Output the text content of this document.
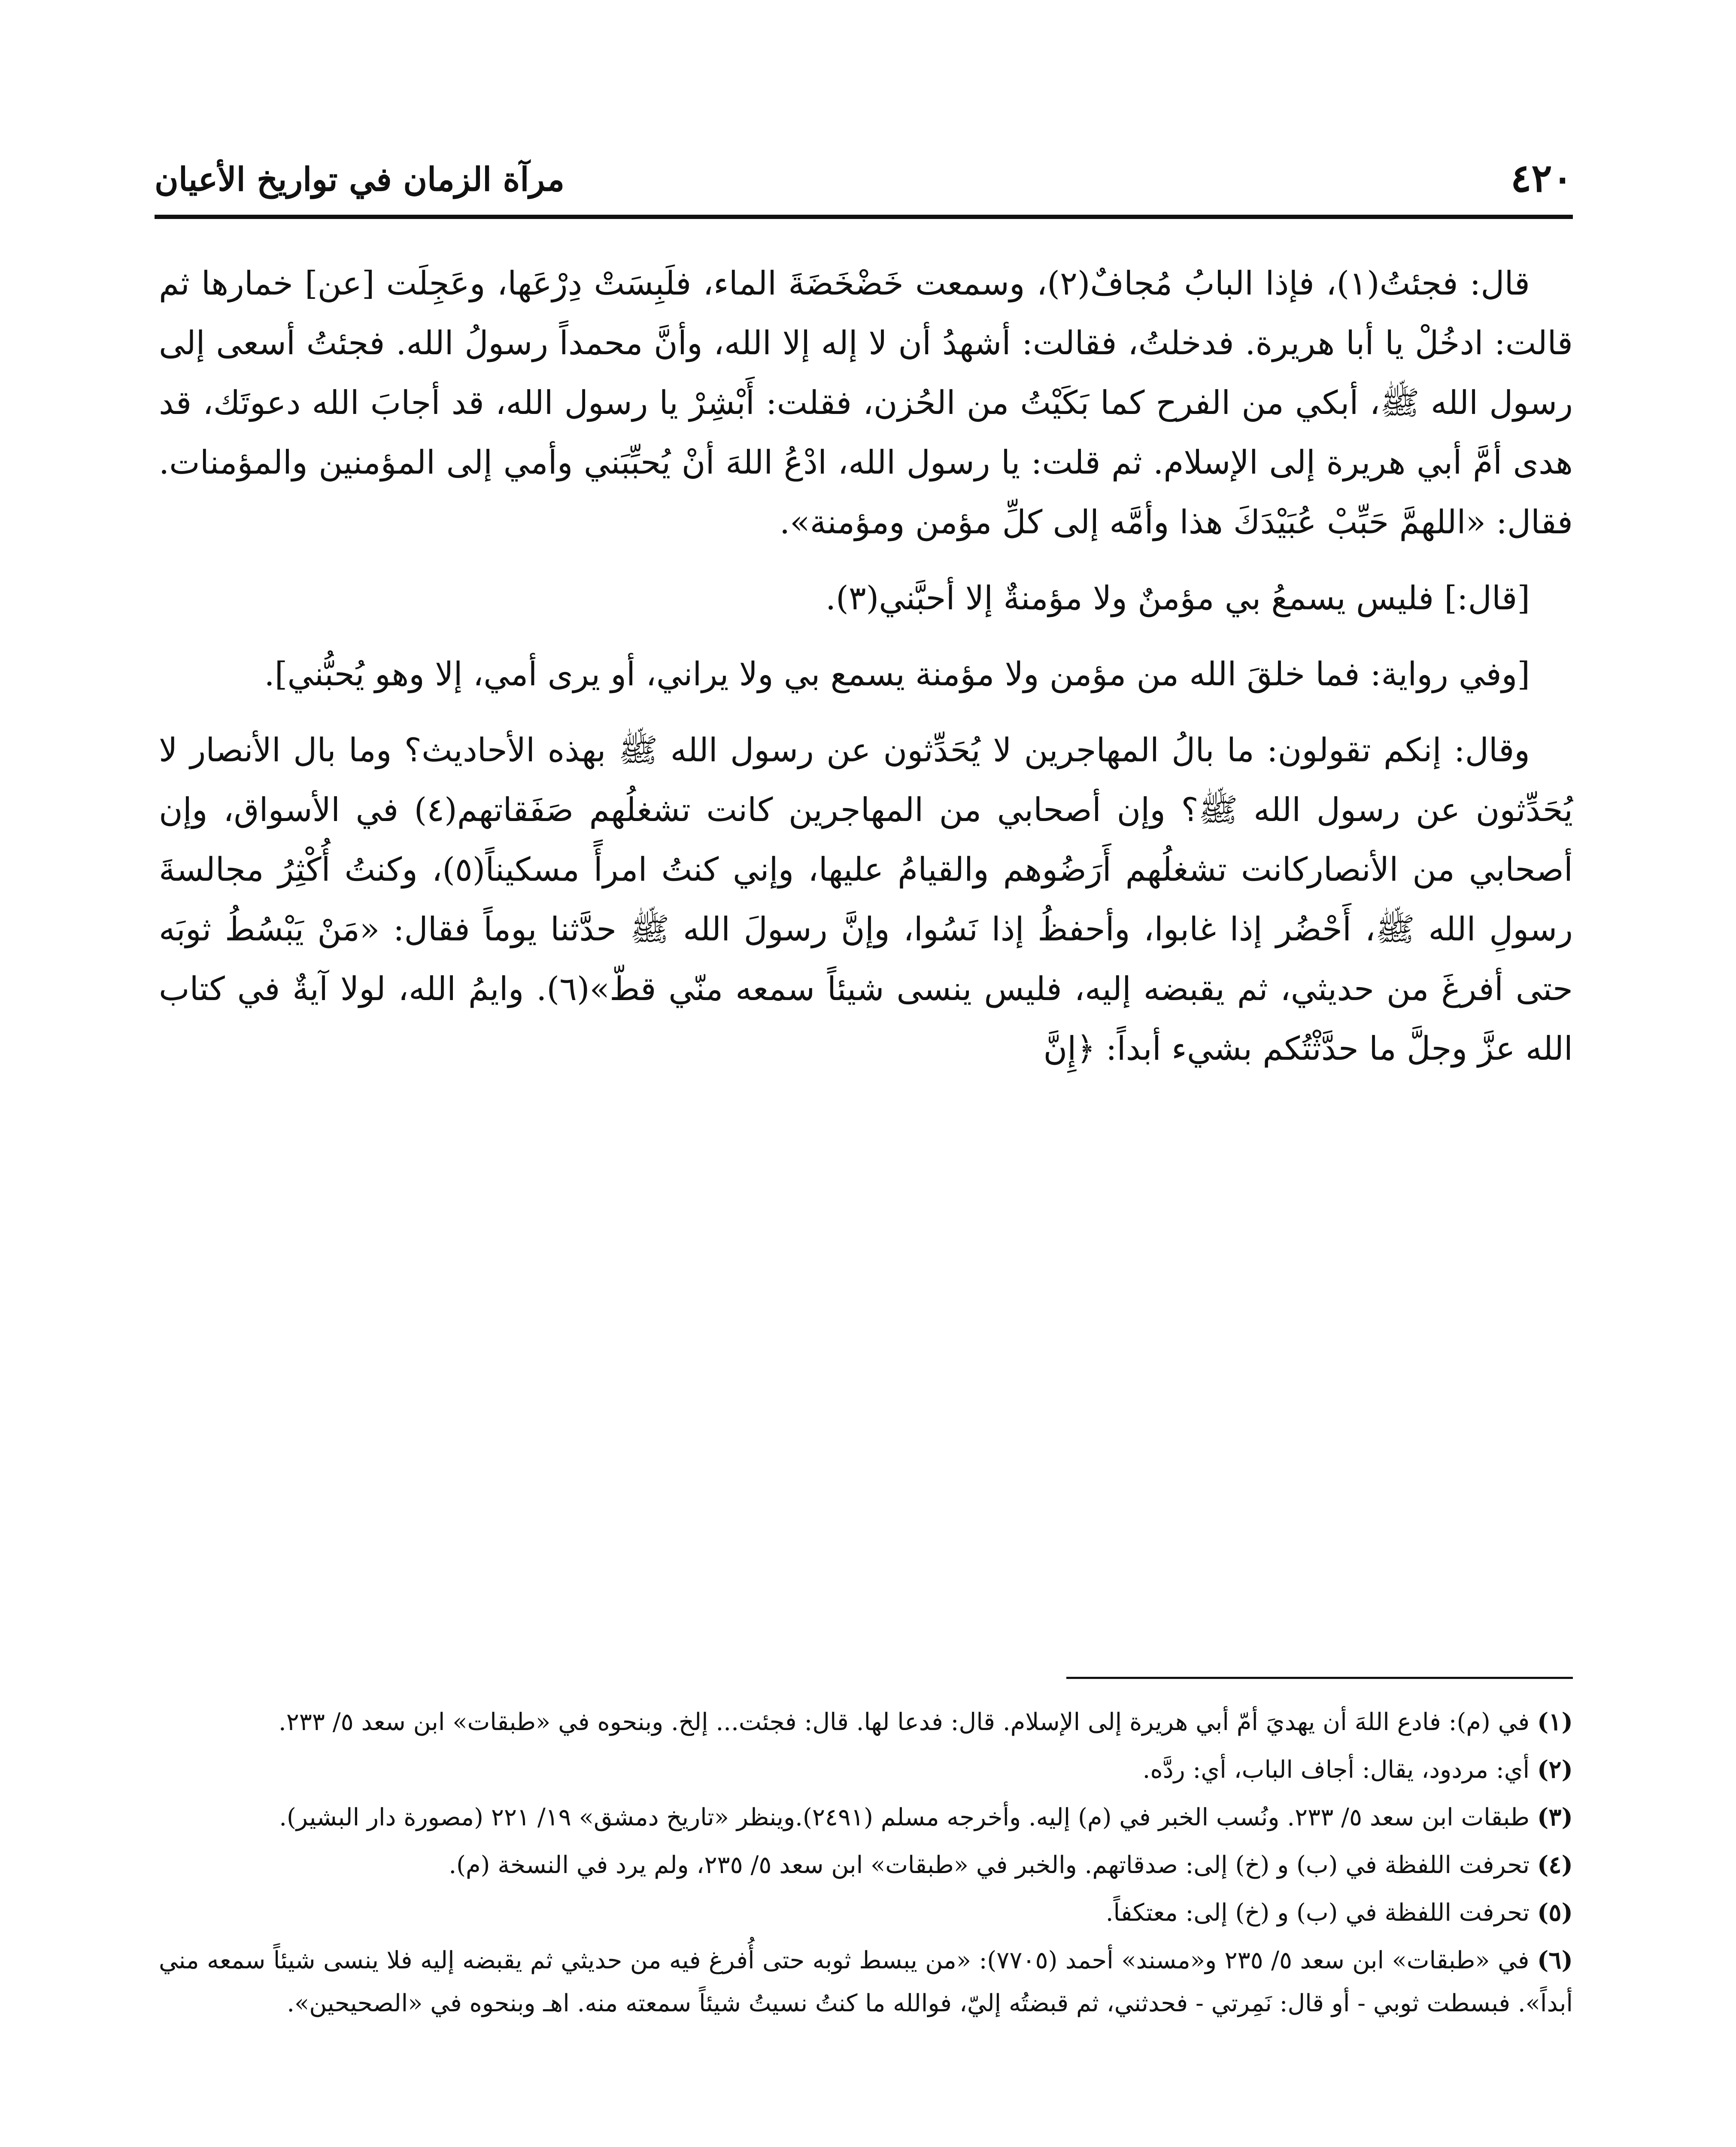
٤٢٠
مرآة الزمان في تواريخ الأعيان

قال: فجئتُ(١)، فإذا البابُ مُجافٌ(٢)، وسمعت خَضْخَضَةَ الماء، فلَبِسَتْ دِرْعَها، وعَجِلَت [عن] خمارها ثم قالت: ادخُلْ يا أبا هريرة. فدخلتُ، فقالت: أشهدُ أن لا إله إلا الله، وأنَّ محمداً رسولُ الله. فجئتُ أسعى إلى رسول الله ﷺ، أبكي من الفرح كما بَكَيْتُ من الحُزن، فقلت: أَبْشِرْ يا رسول الله، قد أجابَ الله دعوتَك، قد هدى أمَّ أبي هريرة إلى الإسلام. ثم قلت: يا رسول الله، ادْعُ اللهَ أنْ يُحبِّبَني وأمي إلى المؤمنين والمؤمنات. فقال: «اللهمَّ حَبِّبْ عُبَيْدَكَ هذا وأمَّه إلى كلِّ مؤمن ومؤمنة».

[قال:] فليس يسمعُ بي مؤمنٌ ولا مؤمنةٌ إلا أحبَّني(٣).

[وفي رواية: فما خلقَ الله من مؤمن ولا مؤمنة يسمع بي ولا يراني، أو يرى أمي، إلا وهو يُحبُّني].

وقال: إنكم تقولون: ما بالُ المهاجرين لا يُحَدِّثون عن رسول الله ﷺ بهذه الأحاديث؟ وما بال الأنصار لا يُحَدِّثون عن رسول الله ﷺ؟ وإن أصحابي من المهاجرين كانت تشغلُهم صَفَقاتهم(٤) في الأسواق، وإن أصحابي من الأنصاركانت تشغلُهم أَرَضُوهم والقيامُ عليها، وإني كنتُ امرأً مسكيناً(٥)، وكنتُ أُكْثِرُ مجالسةَ رسولِ الله ﷺ، أَحْضُر إذا غابوا، وأحفظُ إذا نَسُوا، وإنَّ رسولَ الله ﷺ حدَّثنا يوماً فقال: «مَنْ يَبْسُطُ ثوبَه حتى أفرغَ من حديثي، ثم يقبضه إليه، فليس ينسى شيئاً سمعه منّي قطّ»(٦). وايمُ الله، لولا آيةٌ في كتاب الله عزَّ وجلَّ ما حدَّثْتُكم بشيء أبداً: ﴿إِنَّ

(١) في (م): فادع اللهَ أن يهديَ أمّ أبي هريرة إلى الإسلام. قال: فدعا لها. قال: فجئت... إلخ. وبنحوه في «طبقات» ابن سعد ٥/ ٢٣٣.

(٢) أي: مردود، يقال: أجاف الباب، أي: ردَّه.

(٣) طبقات ابن سعد ٥/ ٢٣٣. ونُسب الخبر في (م) إليه. وأخرجه مسلم (٢٤٩١).وينظر «تاريخ دمشق» ١٩/ ٢٢١ (مصورة دار البشير).

(٤) تحرفت اللفظة في (ب) و (خ) إلى: صدقاتهم. والخبر في «طبقات» ابن سعد ٥/ ٢٣٥، ولم يرد في النسخة (م).

(٥) تحرفت اللفظة في (ب) و (خ) إلى: معتكفاً.

(٦) في «طبقات» ابن سعد ٥/ ٢٣٥ و«مسند» أحمد (٧٧٠٥): «من يبسط ثوبه حتى أُفرغ فيه من حديثي ثم يقبضه إليه فلا ينسى شيئاً سمعه مني أبداً». فبسطت ثوبي - أو قال: نَمِرتي - فحدثني، ثم قبضتُه إليّ، فوالله ما كنتُ نسيتُ شيئاً سمعته منه. اهـ وبنحوه في «الصحيحين».
